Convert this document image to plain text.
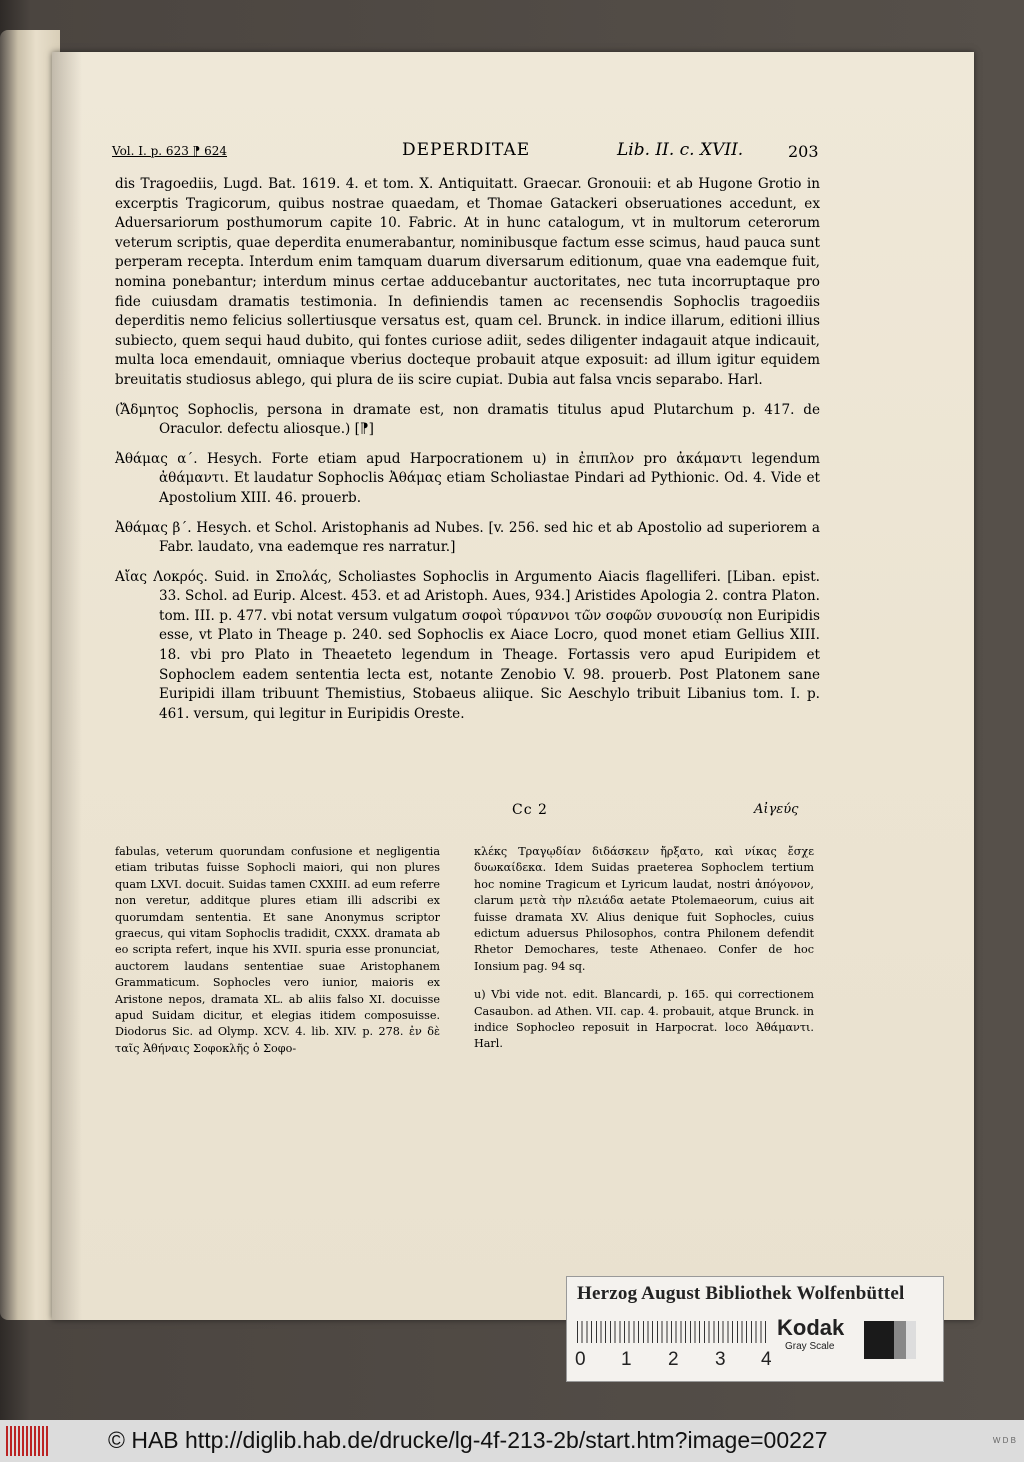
Vol. I. p. 623 ⁋ 624	DEPERDITAE	Lib. II. c. XVII.	203

dis Tragoediis, Lugd. Bat. 1619. 4. et tom. X. Antiquitatt. Graecar. Gronouii: et ab Hugone Grotio in excerptis Tragicorum, quibus nostrae quaedam, et Thomae Gatackeri obseruationes accedunt, ex Aduersariorum posthumorum capite 10. Fabric. At in hunc catalogum, vt in multorum ceterorum veterum scriptis, quae deperdita enumerabantur, nominibusque factum esse scimus, haud pauca sunt perperam recepta. Interdum enim tamquam duarum diversarum editionum, quae vna eademque fuit, nomina ponebantur; interdum minus certae adducebantur auctoritates, nec tuta incorruptaque pro fide cuiusdam dramatis testimonia. In definiendis tamen ac recensendis Sophoclis tragoediis deperditis nemo felicius sollertiusque versatus est, quam cel. Brunck. in indice illarum, editioni illius subiecto, quem sequi haud dubito, qui fontes curiose adiit, sedes diligenter indagauit atque indicauit, multa loca emendauit, omniaque vberius docteque probauit atque exposuit: ad illum igitur equidem breuitatis studiosus ablego, qui plura de iis scire cupiat. Dubia aut falsa vncis separabo. Harl.

(Ἄδμητος Sophoclis, persona in dramate est, non dramatis titulus apud Plutarchum p. 417. de Oraculor. defectu aliosque.) [⁋]

Ἀθάμας α΄. Hesych. Forte etiam apud Harpocrationem u) in ἐπιπλον pro ἀκάμαντι legendum ἀθάμαντι. Et laudatur Sophoclis Ἀθάμας etiam Scholiastae Pindari ad Pythionic. Od. 4. Vide et Apostolium XIII. 46. prouerb.

Ἀθάμας β΄. Hesych. et Schol. Aristophanis ad Nubes. [v. 256. sed hic et ab Apostolio ad superiorem a Fabr. laudato, vna eademque res narratur.]

Αἴας Λοκρός. Suid. in Σπολάς, Scholiastes Sophoclis in Argumento Aiacis flagelliferi. [Liban. epist. 33. Schol. ad Eurip. Alcest. 453. et ad Aristoph. Aues, 934.] Aristides Apologia 2. contra Platon. tom. III. p. 477. vbi notat versum vulgatum σοφοὶ τύραννοι τῶν σοφῶν συνουσίᾳ non Euripidis esse, vt Plato in Theage p. 240. sed Sophoclis ex Aiace Locro, quod monet etiam Gellius XIII. 18. vbi pro Plato in Theaeteto legendum in Theage. Fortassis vero apud Euripidem et Sophoclem eadem sententia lecta est, notante Zenobio V. 98. prouerb. Post Platonem sane Euripidi illam tribuunt Themistius, Stobaeus aliique. Sic Aeschylo tribuit Libanius tom. I. p. 461. versum, qui legitur in Euripidis Oreste.

Cc 2	Αἰγεύς

fabulas, veterum quorundam confusione et negligentia etiam tributas fuisse Sophocli maiori, qui non plures quam LXVI. docuit. Suidas tamen CXXIII. ad eum referre non veretur, additque plures etiam illi adscribi ex quorumdam sententia. Et sane Anonymus scriptor graecus, qui vitam Sophoclis tradidit, CXXX. dramata ab eo scripta refert, inque his XVII. spuria esse pronunciat, auctorem laudans sententiae suae Aristophanem Grammaticum. Sophocles vero iunior, maioris ex Aristone nepos, dramata XL. ab aliis falso XI. docuisse apud Suidam dicitur, et elegias itidem composuisse. Diodorus Sic. ad Olymp. XCV. 4. lib. XIV. p. 278. ἐν δὲ ταῖς Ἀθήναις Σοφοκλῆς ὁ Σοφο-

κλέκς Τραγῳδίαν διδάσκειν ἤρξατο, καὶ νίκας ἔσχε δυωκαίδεκα. Idem Suidas praeterea Sophoclem tertium hoc nomine Tragicum et Lyricum laudat, nostri ἀπόγονον, clarum μετὰ τὴν πλειάδα aetate Ptolemaeorum, cuius ait fuisse dramata XV. Alius denique fuit Sophocles, cuius edictum aduersus Philosophos, contra Philonem defendit Rhetor Demochares, teste Athenaeo. Confer de hoc Ionsium pag. 94 sq.

u) Vbi vide not. edit. Blancardi, p. 165. qui correctionem Casaubon. ad Athen. VII. cap. 4. probauit, atque Brunck. in indice Sophocleo reposuit in Harpocrat. loco Ἀθάμαντι. Harl.

Herzog August Bibliothek Wolfenbüttel
0 1 2 3 4
Kodak
Gray Scale
© HAB http://diglib.hab.de/drucke/lg-4f-213-2b/start.htm?image=00227	W D B
